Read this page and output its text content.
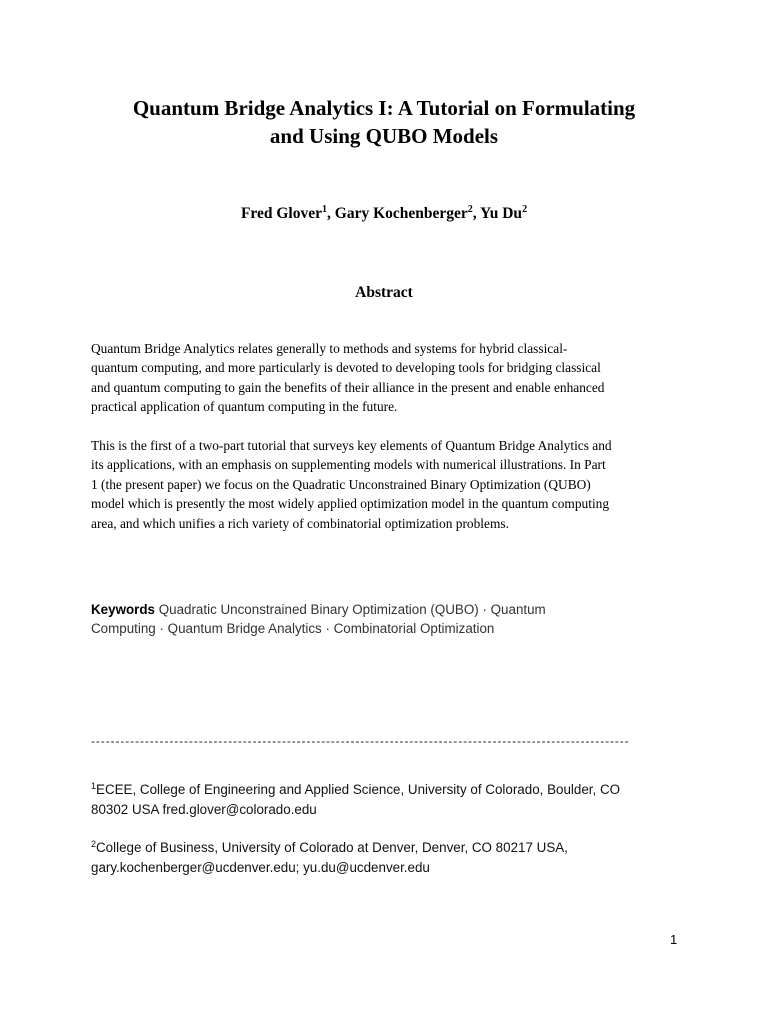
Quantum Bridge Analytics I: A Tutorial on Formulating
and Using QUBO Models
Fred Glover$^1$, Gary Kochenberger$^2$, Yu Du$^2$
Abstract

Quantum Bridge Analytics relates generally to methods and systems for hybrid classical-
quantum computing, and more particularly is devoted to developing tools for bridging classical
and quantum computing to gain the benefits of their alliance in the present and enable enhanced
practical application of quantum computing in the future.

This is the first of a two-part tutorial that surveys key elements of Quantum Bridge Analytics and
its applications, with an emphasis on supplementing models with numerical illustrations. In Part
1 (the present paper) we focus on the Quadratic Unconstrained Binary Optimization (QUBO)
model which is presently the most widely applied optimization model in the quantum computing
area, and which unifies a rich variety of combinatorial optimization problems.

Keywords Quadratic Unconstrained Binary Optimization (QUBO) · Quantum
Computing · Quantum Bridge Analytics · Combinatorial Optimization
--------------------------------------------------------------------------------------------------------------
$^1$ECEE, College of Engineering and Applied Science, University of Colorado, Boulder, CO
80302 USA fred.glover@colorado.edu
$^2$College of Business, University of Colorado at Denver, Denver, CO 80217 USA,
gary.kochenberger@ucdenver.edu; yu.du@ucdenver.edu
1
